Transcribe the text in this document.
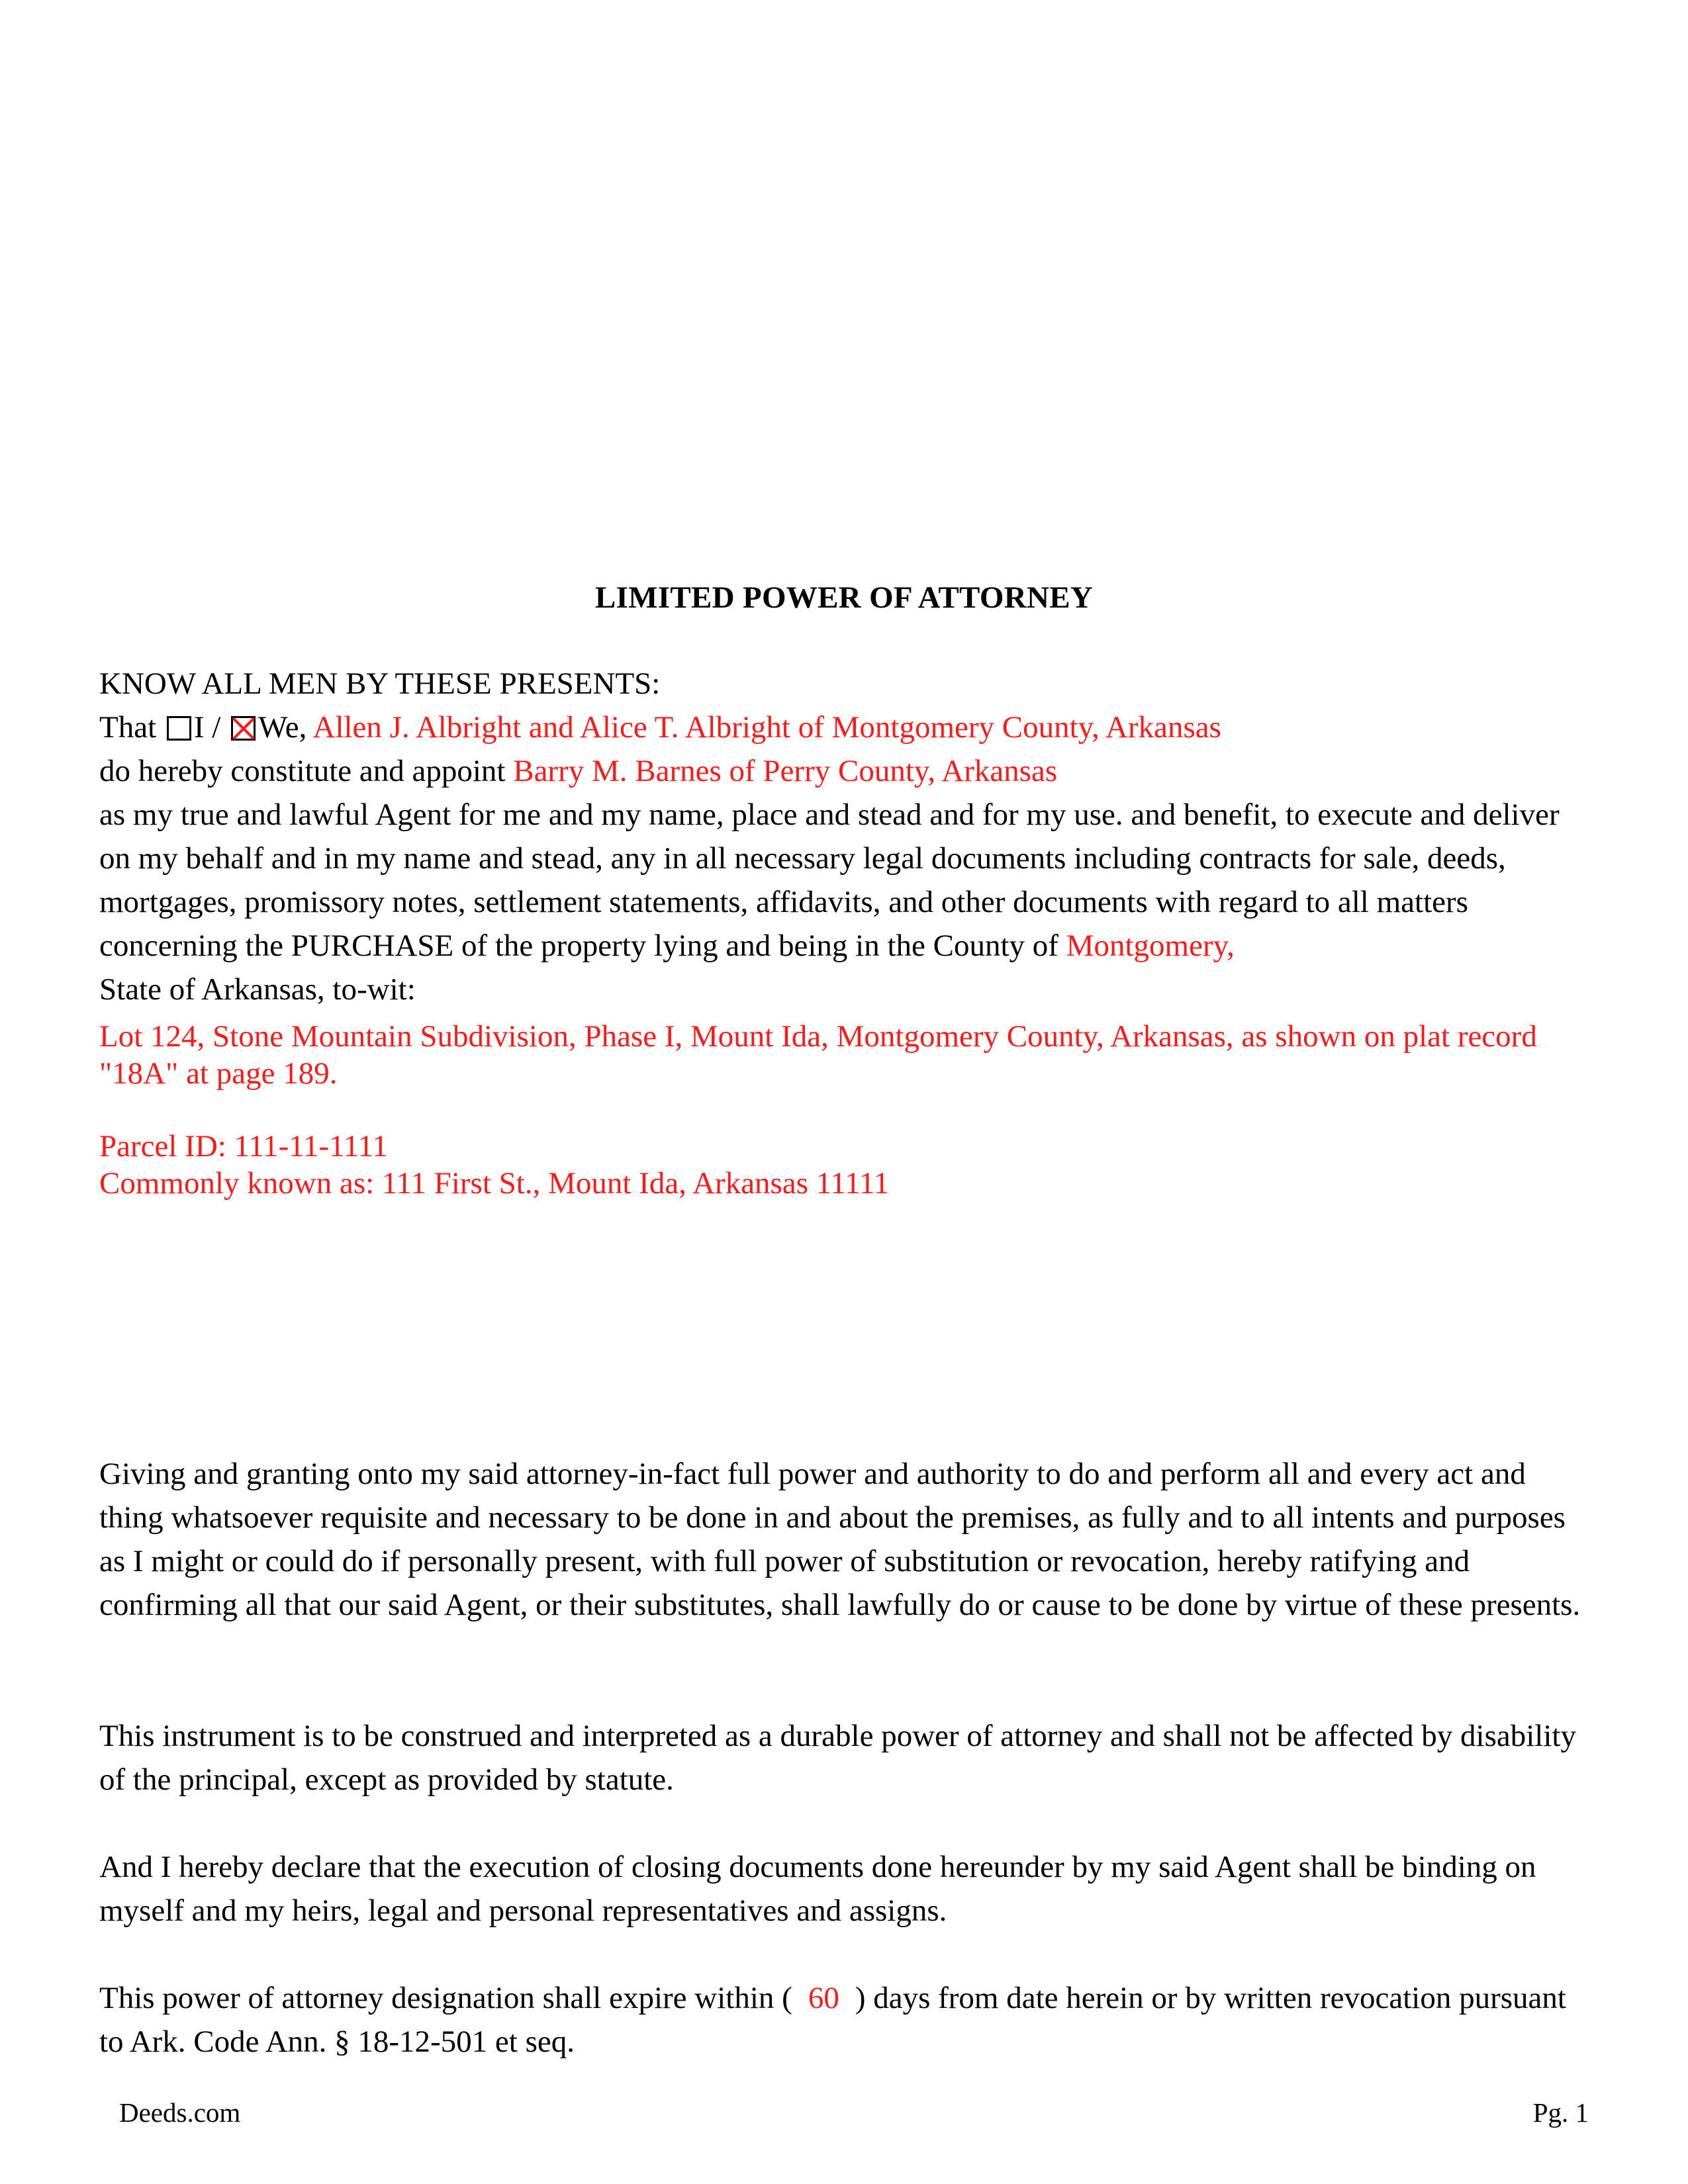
LIMITED POWER OF ATTORNEY

KNOW ALL MEN BY THESE PRESENTS:

That I / We, Allen J. Albright and Alice T. Albright of Montgomery County, Arkansas

do hereby constitute and appoint Barry M. Barnes of Perry County, Arkansas

as my true and lawful Agent for me and my name, place and stead and for my use. and benefit, to execute and deliver on my behalf and in my name and stead, any in all necessary legal documents including contracts for sale, deeds, mortgages, promissory notes, settlement statements, affidavits, and other documents with regard to all matters concerning the PURCHASE of the property lying and being in the County of Montgomery,

State of Arkansas, to-wit:

Lot 124, Stone Mountain Subdivision, Phase I, Mount Ida, Montgomery County, Arkansas, as shown on plat record "18A" at page 189.

Parcel ID: 111-11-1111

Commonly known as: 111 First St., Mount Ida, Arkansas 11111

Giving and granting onto my said attorney-in-fact full power and authority to do and perform all and every act and thing whatsoever requisite and necessary to be done in and about the premises, as fully and to all intents and purposes as I might or could do if personally present, with full power of substitution or revocation, hereby ratifying and confirming all that our said Agent, or their substitutes, shall lawfully do or cause to be done by virtue of these presents.

This instrument is to be construed and interpreted as a durable power of attorney and shall not be affected by disability of the principal, except as provided by statute.

And I hereby declare that the execution of closing documents done hereunder by my said Agent shall be binding on myself and my heirs, legal and personal representatives and assigns.

This power of attorney designation shall expire within ( 60 ) days from date herein or by written revocation pursuant to Ark. Code Ann. § 18-12-501 et seq.

Deeds.com	Pg. 1
